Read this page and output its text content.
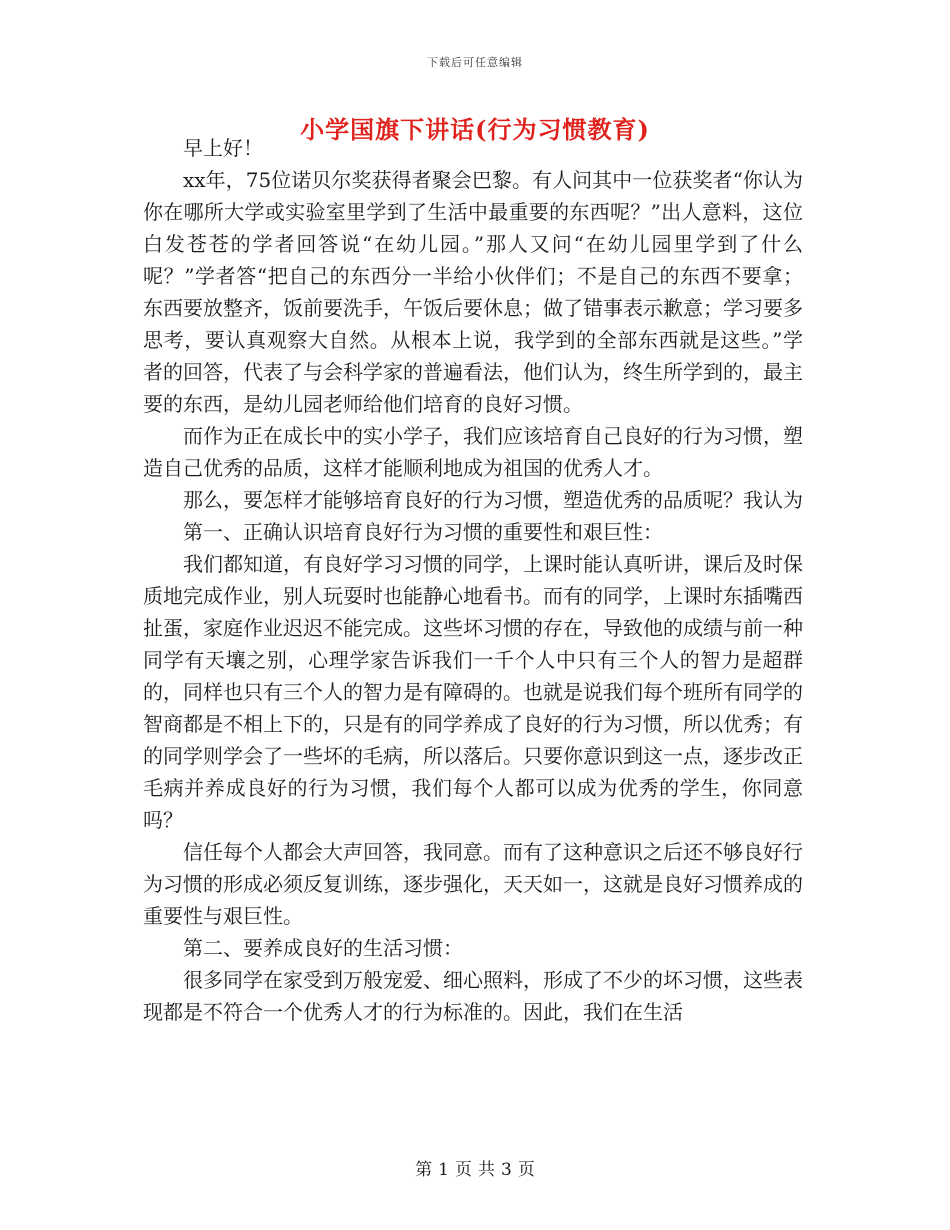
下载后可任意编辑
小学国旗下讲话(行为习惯教育)

早上好！

xx年，75位诺贝尔奖获得者聚会巴黎。有人问其中一位获奖者“你认为你在哪所大学或实验室里学到了生活中最重要的东西呢？”出人意料，这位白发苍苍的学者回答说“在幼儿园。”那人又问“在幼儿园里学到了什么呢？”学者答“把自己的东西分一半给小伙伴们；不是自己的东西不要拿；东西要放整齐，饭前要洗手，午饭后要休息；做了错事表示歉意；学习要多思考，要认真观察大自然。从根本上说，我学到的全部东西就是这些。”学者的回答，代表了与会科学家的普遍看法，他们认为，终生所学到的，最主要的东西，是幼儿园老师给他们培育的良好习惯。

而作为正在成长中的实小学子，我们应该培育自己良好的行为习惯，塑造自己优秀的品质，这样才能顺利地成为祖国的优秀人才。

那么，要怎样才能够培育良好的行为习惯，塑造优秀的品质呢？我认为

第一、正确认识培育良好行为习惯的重要性和艰巨性：

我们都知道，有良好学习习惯的同学，上课时能认真听讲，课后及时保质地完成作业，别人玩耍时也能静心地看书。而有的同学，上课时东插嘴西扯蛋，家庭作业迟迟不能完成。这些坏习惯的存在，导致他的成绩与前一种同学有天壤之别，心理学家告诉我们一千个人中只有三个人的智力是超群的，同样也只有三个人的智力是有障碍的。也就是说我们每个班所有同学的智商都是不相上下的，只是有的同学养成了良好的行为习惯，所以优秀；有的同学则学会了一些坏的毛病，所以落后。只要你意识到这一点，逐步改正毛病并养成良好的行为习惯，我们每个人都可以成为优秀的学生，你同意吗？

信任每个人都会大声回答，我同意。而有了这种意识之后还不够良好行为习惯的形成必须反复训练，逐步强化，天天如一，这就是良好习惯养成的重要性与艰巨性。

第二、要养成良好的生活习惯：

很多同学在家受到万般宠爱、细心照料，形成了不少的坏习惯，这些表现都是不符合一个优秀人才的行为标准的。因此，我们在生活

第 1 页 共 3 页
